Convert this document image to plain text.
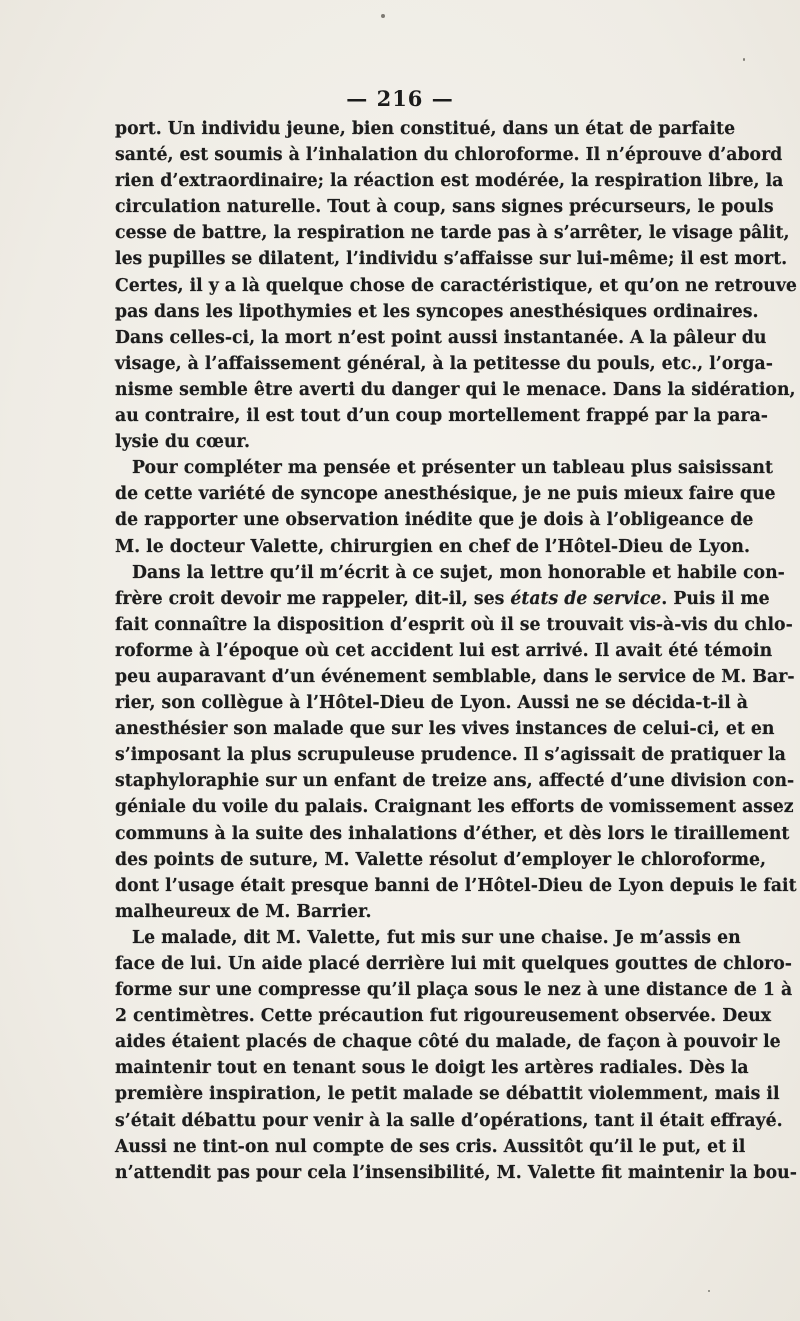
— 216 —
port. Un individu jeune, bien constitué, dans un état de parfaite
santé, est soumis à l’inhalation du chloroforme. Il n’éprouve d’abord
rien d’extraordinaire; la réaction est modérée, la respiration libre, la
circulation naturelle. Tout à coup, sans signes précurseurs, le pouls
cesse de battre, la respiration ne tarde pas à s’arrêter, le visage pâlit,
les pupilles se dilatent, l’individu s’affaisse sur lui-même; il est mort.
Certes, il y a là quelque chose de caractéristique, et qu’on ne retrouve
pas dans les lipothymies et les syncopes anesthésiques ordinaires.
Dans celles-ci, la mort n’est point aussi instantanée. A la pâleur du
visage, à l’affaissement général, à la petitesse du pouls, etc., l’orga-
nisme semble être averti du danger qui le menace. Dans la sidération,
au contraire, il est tout d’un coup mortellement frappé par la para-
lysie du cœur.
Pour compléter ma pensée et présenter un tableau plus saisissant
de cette variété de syncope anesthésique, je ne puis mieux faire que
de rapporter une observation inédite que je dois à l’obligeance de
M. le docteur Valette, chirurgien en chef de l’Hôtel-Dieu de Lyon.
Dans la lettre qu’il m’écrit à ce sujet, mon honorable et habile con-
frère croit devoir me rappeler, dit-il, ses états de service. Puis il me
fait connaître la disposition d’esprit où il se trouvait vis-à-vis du chlo-
roforme à l’époque où cet accident lui est arrivé. Il avait été témoin
peu auparavant d’un événement semblable, dans le service de M. Bar-
rier, son collègue à l’Hôtel-Dieu de Lyon. Aussi ne se décida-t-il à
anesthésier son malade que sur les vives instances de celui-ci, et en
s’imposant la plus scrupuleuse prudence. Il s’agissait de pratiquer la
staphyloraphie sur un enfant de treize ans, affecté d’une division con-
géniale du voile du palais. Craignant les efforts de vomissement assez
communs à la suite des inhalations d’éther, et dès lors le tiraillement
des points de suture, M. Valette résolut d’employer le chloroforme,
dont l’usage était presque banni de l’Hôtel-Dieu de Lyon depuis le fait
malheureux de M. Barrier.
Le malade, dit M. Valette, fut mis sur une chaise. Je m’assis en
face de lui. Un aide placé derrière lui mit quelques gouttes de chloro-
forme sur une compresse qu’il plaça sous le nez à une distance de 1 à
2 centimètres. Cette précaution fut rigoureusement observée. Deux
aides étaient placés de chaque côté du malade, de façon à pouvoir le
maintenir tout en tenant sous le doigt les artères radiales. Dès la
première inspiration, le petit malade se débattit violemment, mais il
s’était débattu pour venir à la salle d’opérations, tant il était effrayé.
Aussi ne tint-on nul compte de ses cris. Aussitôt qu’il le put, et il
n’attendit pas pour cela l’insensibilité, M. Valette fit maintenir la bou-
